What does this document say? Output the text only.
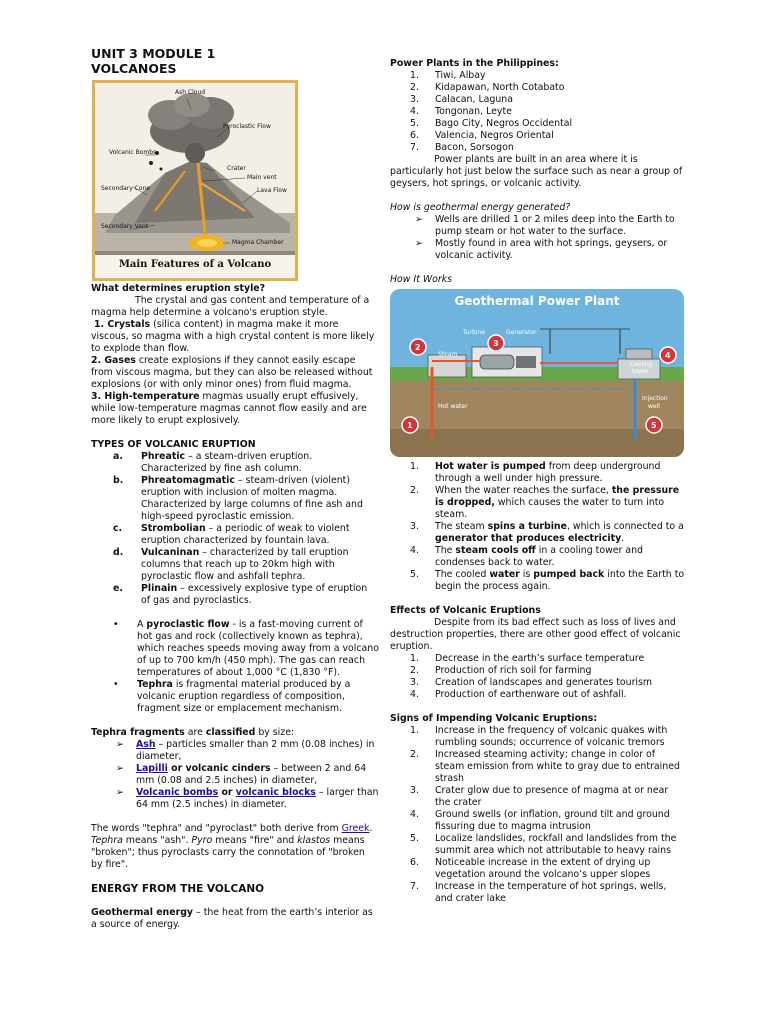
UNIT 3 MODULE 1
VOLCANOES
Ash Cloud
Pyroclastic Flow
Volcanic Bombs
Crater
Main vent
Secondary Cone	Lava Flow
Secondary Vent
Magma Chamber
Main Features of a Volcano
What determines eruption style?

The crystal and gas content and temperature of a magma help determine a volcano's eruption style.

1. Crystals (silica content) in magma make it more viscous, so magma with a high crystal content is more likely to explode than flow.

2. Gases create explosions if they cannot easily escape from viscous magma, but they can also be released without explosions (or with only minor ones) from fluid magma.

3. High-temperature magmas usually erupt effusively, while low-temperature magmas cannot flow easily and are more likely to erupt explosively.

TYPES OF VOLCANIC ERUPTION
a. Phreatic – a steam-driven eruption. Characterized by fine ash column.
b. Phreatomagmatic – steam-driven (violent) eruption with inclusion of molten magma. Characterized by large columns of fine ash and high-speed pyroclastic emission.
c. Strombolian – a periodic of weak to violent eruption characterized by fountain lava.
d. Vulcaninan – characterized by tall eruption columns that reach up to 20km high with pyroclastic flow and ashfall tephra.
e. Plinain – excessively explosive type of eruption of gas and pyroclastics.
• A pyroclastic flow - is a fast-moving current of hot gas and rock (collectively known as tephra), which reaches speeds moving away from a volcano of up to 700 km/h (450 mph). The gas can reach temperatures of about 1,000 °C (1,830 °F).
• Tephra is fragmental material produced by a volcanic eruption regardless of composition, fragment size or emplacement mechanism.

Tephra fragments are classified by size:

➢ Ash – particles smaller than 2 mm (0.08 inches) in diameter,
➢ Lapilli or volcanic cinders – between 2 and 64 mm (0.08 and 2.5 inches) in diameter,
➢ Volcanic bombs or volcanic blocks – larger than 64 mm (2.5 inches) in diameter.

The words "tephra" and "pyroclast" both derive from Greek. Tephra means "ash". Pyro means "fire" and klastos means "broken"; thus pyroclasts carry the connotation of "broken by fire".

ENERGY FROM THE VOLCANO

Geothermal energy – the heat from the earth’s interior as a source of energy.

Power Plants in the Philippines:
1.	Tiwi, Albay
2.	Kidapawan, North Cotabato
3.	Calacan, Laguna
4.	Tongonan, Leyte
5.	Bago City, Negros Occidental
6.	Valencia, Negros Oriental
7.	Bacon, Sorsogon

Power plants are built in an area where it is particularly hot just below the surface such as near a group of geysers, hot springs, or volcanic activity.

How is geothermal energy generated?

➢ Wells are drilled 1 or 2 miles deep into the Earth to pump steam or hot water to the surface.
➢ Mostly found in area with hot springs, geysers, or volcanic activity.

How It Works

Geothermal Power Plant
Turbine	Generator
Steam
Hot water
Cooling
tower
Injection
well
1
2	3
4
5
1.	Hot water is pumped from deep underground through a well under high pressure.
2.	When the water reaches the surface, the pressure is dropped, which causes the water to turn into steam.
3.	The steam spins a turbine, which is connected to a generator that produces electricity.
4.	The steam cools off in a cooling tower and condenses back to water.
5.	The cooled water is pumped back into the Earth to begin the process again.
Effects of Volcanic Eruptions

Despite from its bad effect such as loss of lives and destruction properties, there are other good effect of volcanic eruption.

1.	Decrease in the earth’s surface temperature
2.	Production of rich soil for farming
3.	Creation of landscapes and generates tourism
4.	Production of earthenware out of ashfall.
Signs of Impending Volcanic Eruptions:
1.	Increase in the frequency of volcanic quakes with rumbling sounds; occurrence of volcanic tremors
2.	Increased steaming activity; change in color of steam emission from white to gray due to entrained strash
3.	Crater glow due to presence of magma at or near the crater
4.	Ground swells (or inflation, ground tilt and ground fissuring due to magma intrusion
5.	Localize landslides, rockfall and landslides from the summit area which not attributable to heavy rains
6.	Noticeable increase in the extent of drying up vegetation around the volcano’s upper slopes
7.	Increase in the temperature of hot springs, wells, and crater lake
